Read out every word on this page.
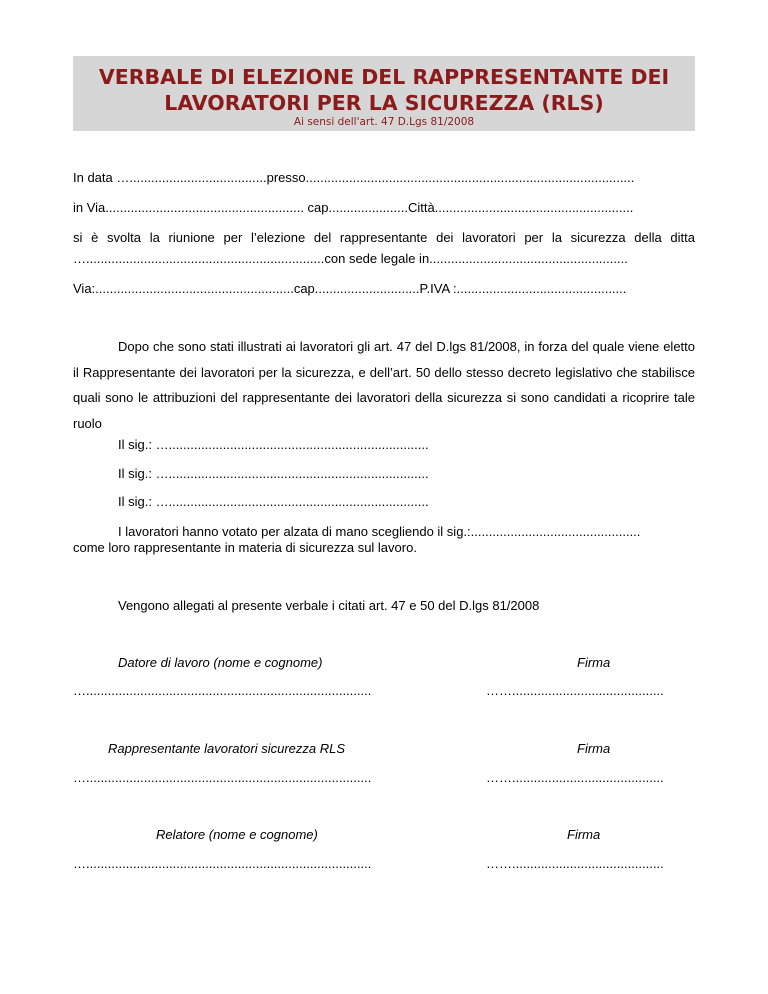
VERBALE DI ELEZIONE DEL RAPPRESENTANTE DEI
LAVORATORI PER LA SICUREZZA (RLS)
Ai sensi dell'art. 47 D.Lgs 81/2008
In data …......................................presso...........................................................................................
in Via....................................................... cap......................Città.......................................................
si è svolta la riunione per l’elezione del rappresentante dei lavoratori per la sicurezza della ditta
…..................................................................con sede legale in.......................................................
Via:.......................................................cap.............................P.IVA :...............................................
Dopo che sono stati illustrati ai lavoratori gli art. 47 del D.lgs 81/2008, in forza del quale viene eletto il Rappresentante dei lavoratori per la sicurezza, e dell’art. 50 dello stesso decreto legislativo che stabilisce quali sono le attribuzioni del rappresentante dei lavoratori della sicurezza si sono candidati a ricoprire tale ruolo
Il sig.: …........................................................................
Il sig.: …........................................................................
Il sig.: …........................................................................
I lavoratori hanno votato per alzata di mano scegliendo il sig.:...............................................
come loro rappresentante in materia di sicurezza sul lavoro.
Vengono allegati al presente verbale i citati art. 47 e 50 del D.lgs 81/2008
Datore di lavoro (nome e cognome)	Firma
…...............................................................................	……..........................................
Rappresentante lavoratori sicurezza RLS	Firma
…...............................................................................	……..........................................
Relatore (nome e cognome)	Firma
…...............................................................................	……..........................................
